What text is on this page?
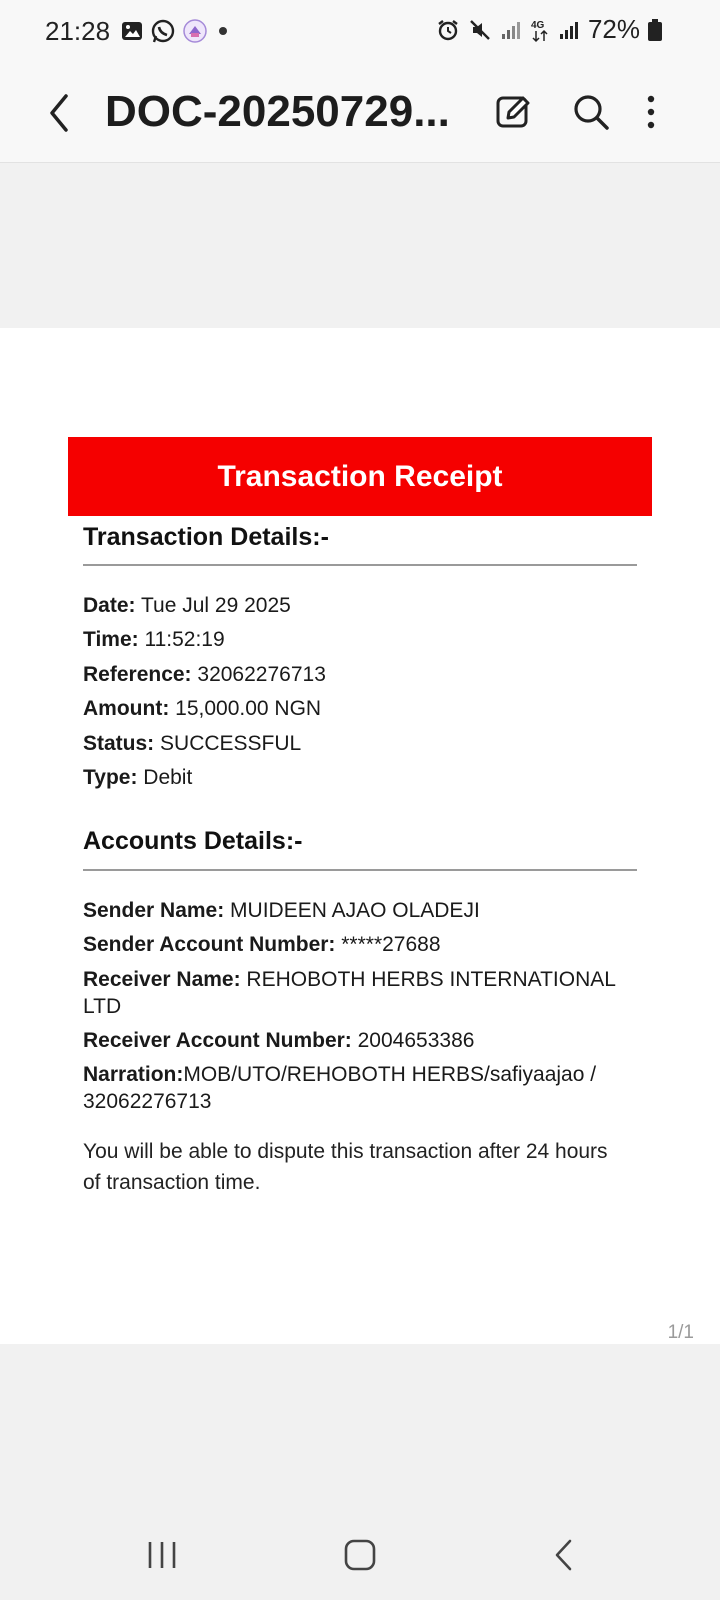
21:28	4G 72%
DOC-20250729...
Transaction Receipt
Transaction Details:-
Date: Tue Jul 29 2025
Time: 11:52:19
Reference: 32062276713
Amount: 15,000.00 NGN
Status: SUCCESSFUL
Type: Debit
Accounts Details:-
Sender Name: MUIDEEN AJAO OLADEJI
Sender Account Number: *****27688
Receiver Name: REHOBOTH HERBS INTERNATIONAL LTD
Receiver Account Number: 2004653386
Narration:MOB/UTO/REHOBOTH HERBS/safiyaajao / 32062276713
You will be able to dispute this transaction after 24 hours of transaction time.
1/1
